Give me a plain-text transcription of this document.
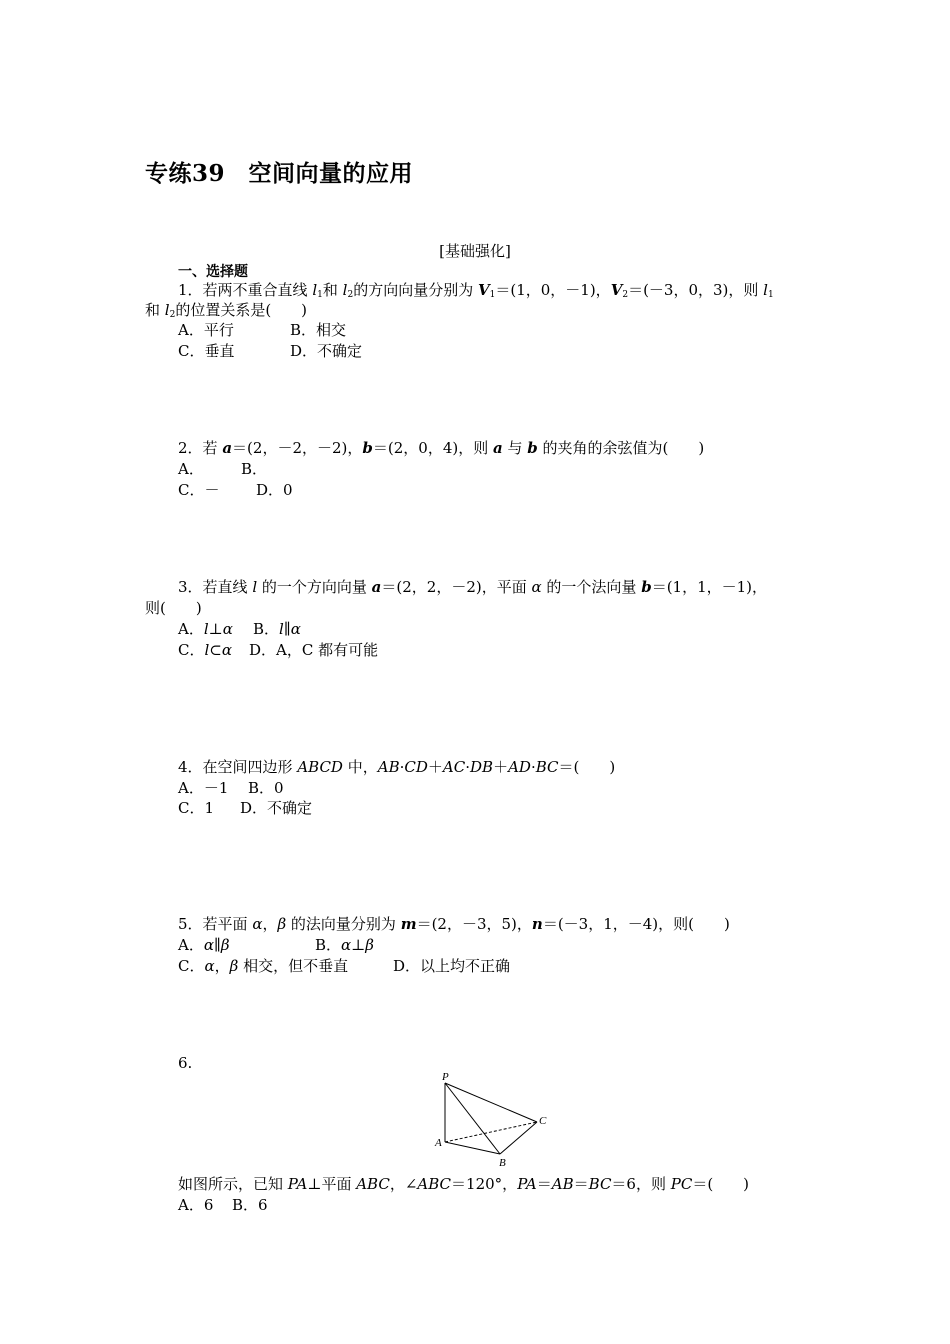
专练39　空间向量的应用
[基础强化]
一、选择题
1．若两不重合直线 $l_1$和 $l_2$的方向向量分别为 $V_1=(1$，0，－1)，$V_2=(-3$，0，3)，则 $l_1$
和 $l_2$的位置关系是(　　)
A．平行	B．相交
C．垂直	D．不确定
2．若 a＝(2，－2，－2)，b＝(2，0，4)，则 a 与 b 的夹角的余弦值为(　　)
A． B．
C．－ D．0
3．若直线 l 的一个方向向量 a＝(2，2，－2)，平面 α 的一个法向量 b＝(1，1，－1)，
则(　　)
A．l⊥α B．l∥α
C．l⊂α D．A，C 都有可能
4．在空间四边形 ABCD 中，AB·CD＋AC·DB＋AD·BC＝(　　)
A．－1 B．0
C．1 D．不确定
5．若平面 α，β 的法向量分别为 m＝(2，－3，5)，n＝(－3，1，－4)，则(　　)
A．α∥β	B．α⊥β
C．α，β 相交，但不垂直	D．以上均不正确
6.
P
A
B
C
如图所示，已知 PA⊥平面 ABC，∠ABC＝120°，PA＝AB＝BC＝6，则 PC＝(　　)
A．6 B．6
